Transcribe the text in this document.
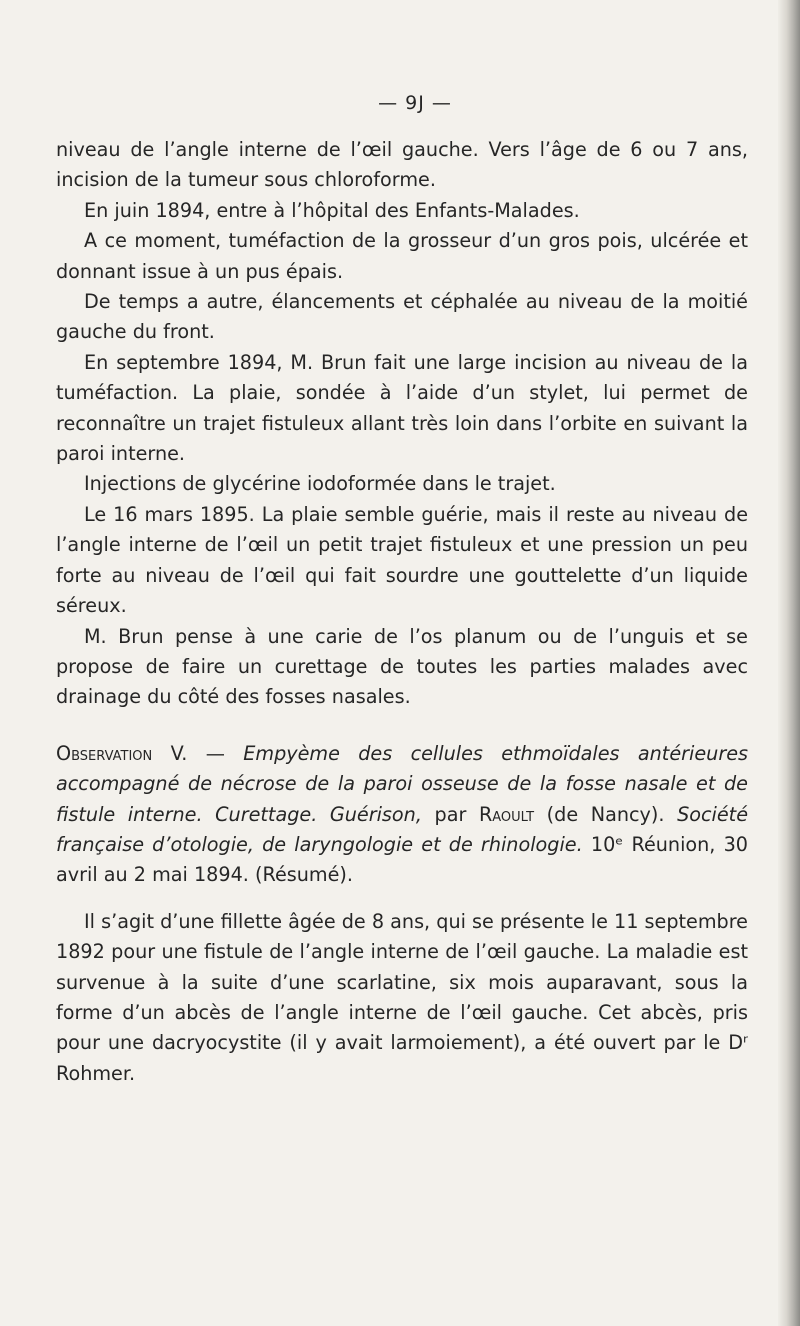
— 9J —

niveau de l’angle interne de l’œil gauche. Vers l’âge de 6 ou 7 ans, incision de la tumeur sous chloroforme.

En juin 1894, entre à l’hôpital des Enfants-Malades.

A ce moment, tuméfaction de la grosseur d’un gros pois, ulcérée et donnant issue à un pus épais.

De temps a autre, élancements et céphalée au niveau de la moitié gauche du front.

En septembre 1894, M. Brun fait une large incision au niveau de la tuméfaction. La plaie, sondée à l’aide d’un stylet, lui permet de reconnaître un trajet fistuleux allant très loin dans l’orbite en suivant la paroi interne.

Injections de glycérine iodoformée dans le trajet.

Le 16 mars 1895. La plaie semble guérie, mais il reste au niveau de l’angle interne de l’œil un petit trajet fistuleux et une pression un peu forte au niveau de l’œil qui fait sourdre une gouttelette d’un liquide séreux.

M. Brun pense à une carie de l’os planum ou de l’unguis et se propose de faire un curettage de toutes les parties malades avec drainage du côté des fosses nasales.

Observation V. — Empyème des cellules ethmoïdales antérieures accompagné de nécrose de la paroi osseuse de la fosse nasale et de fistule interne. Curettage. Guérison, par Raoult (de Nancy). Société française d’otologie, de laryngologie et de rhinologie. 10ᵉ Réunion, 30 avril au 2 mai 1894. (Résumé).

Il s’agit d’une fillette âgée de 8 ans, qui se présente le 11 septembre 1892 pour une fistule de l’angle interne de l’œil gauche. La maladie est survenue à la suite d’une scarlatine, six mois auparavant, sous la forme d’un abcès de l’angle interne de l’œil gauche. Cet abcès, pris pour une dacryocystite (il y avait larmoiement), a été ouvert par le Dʳ Rohmer.
